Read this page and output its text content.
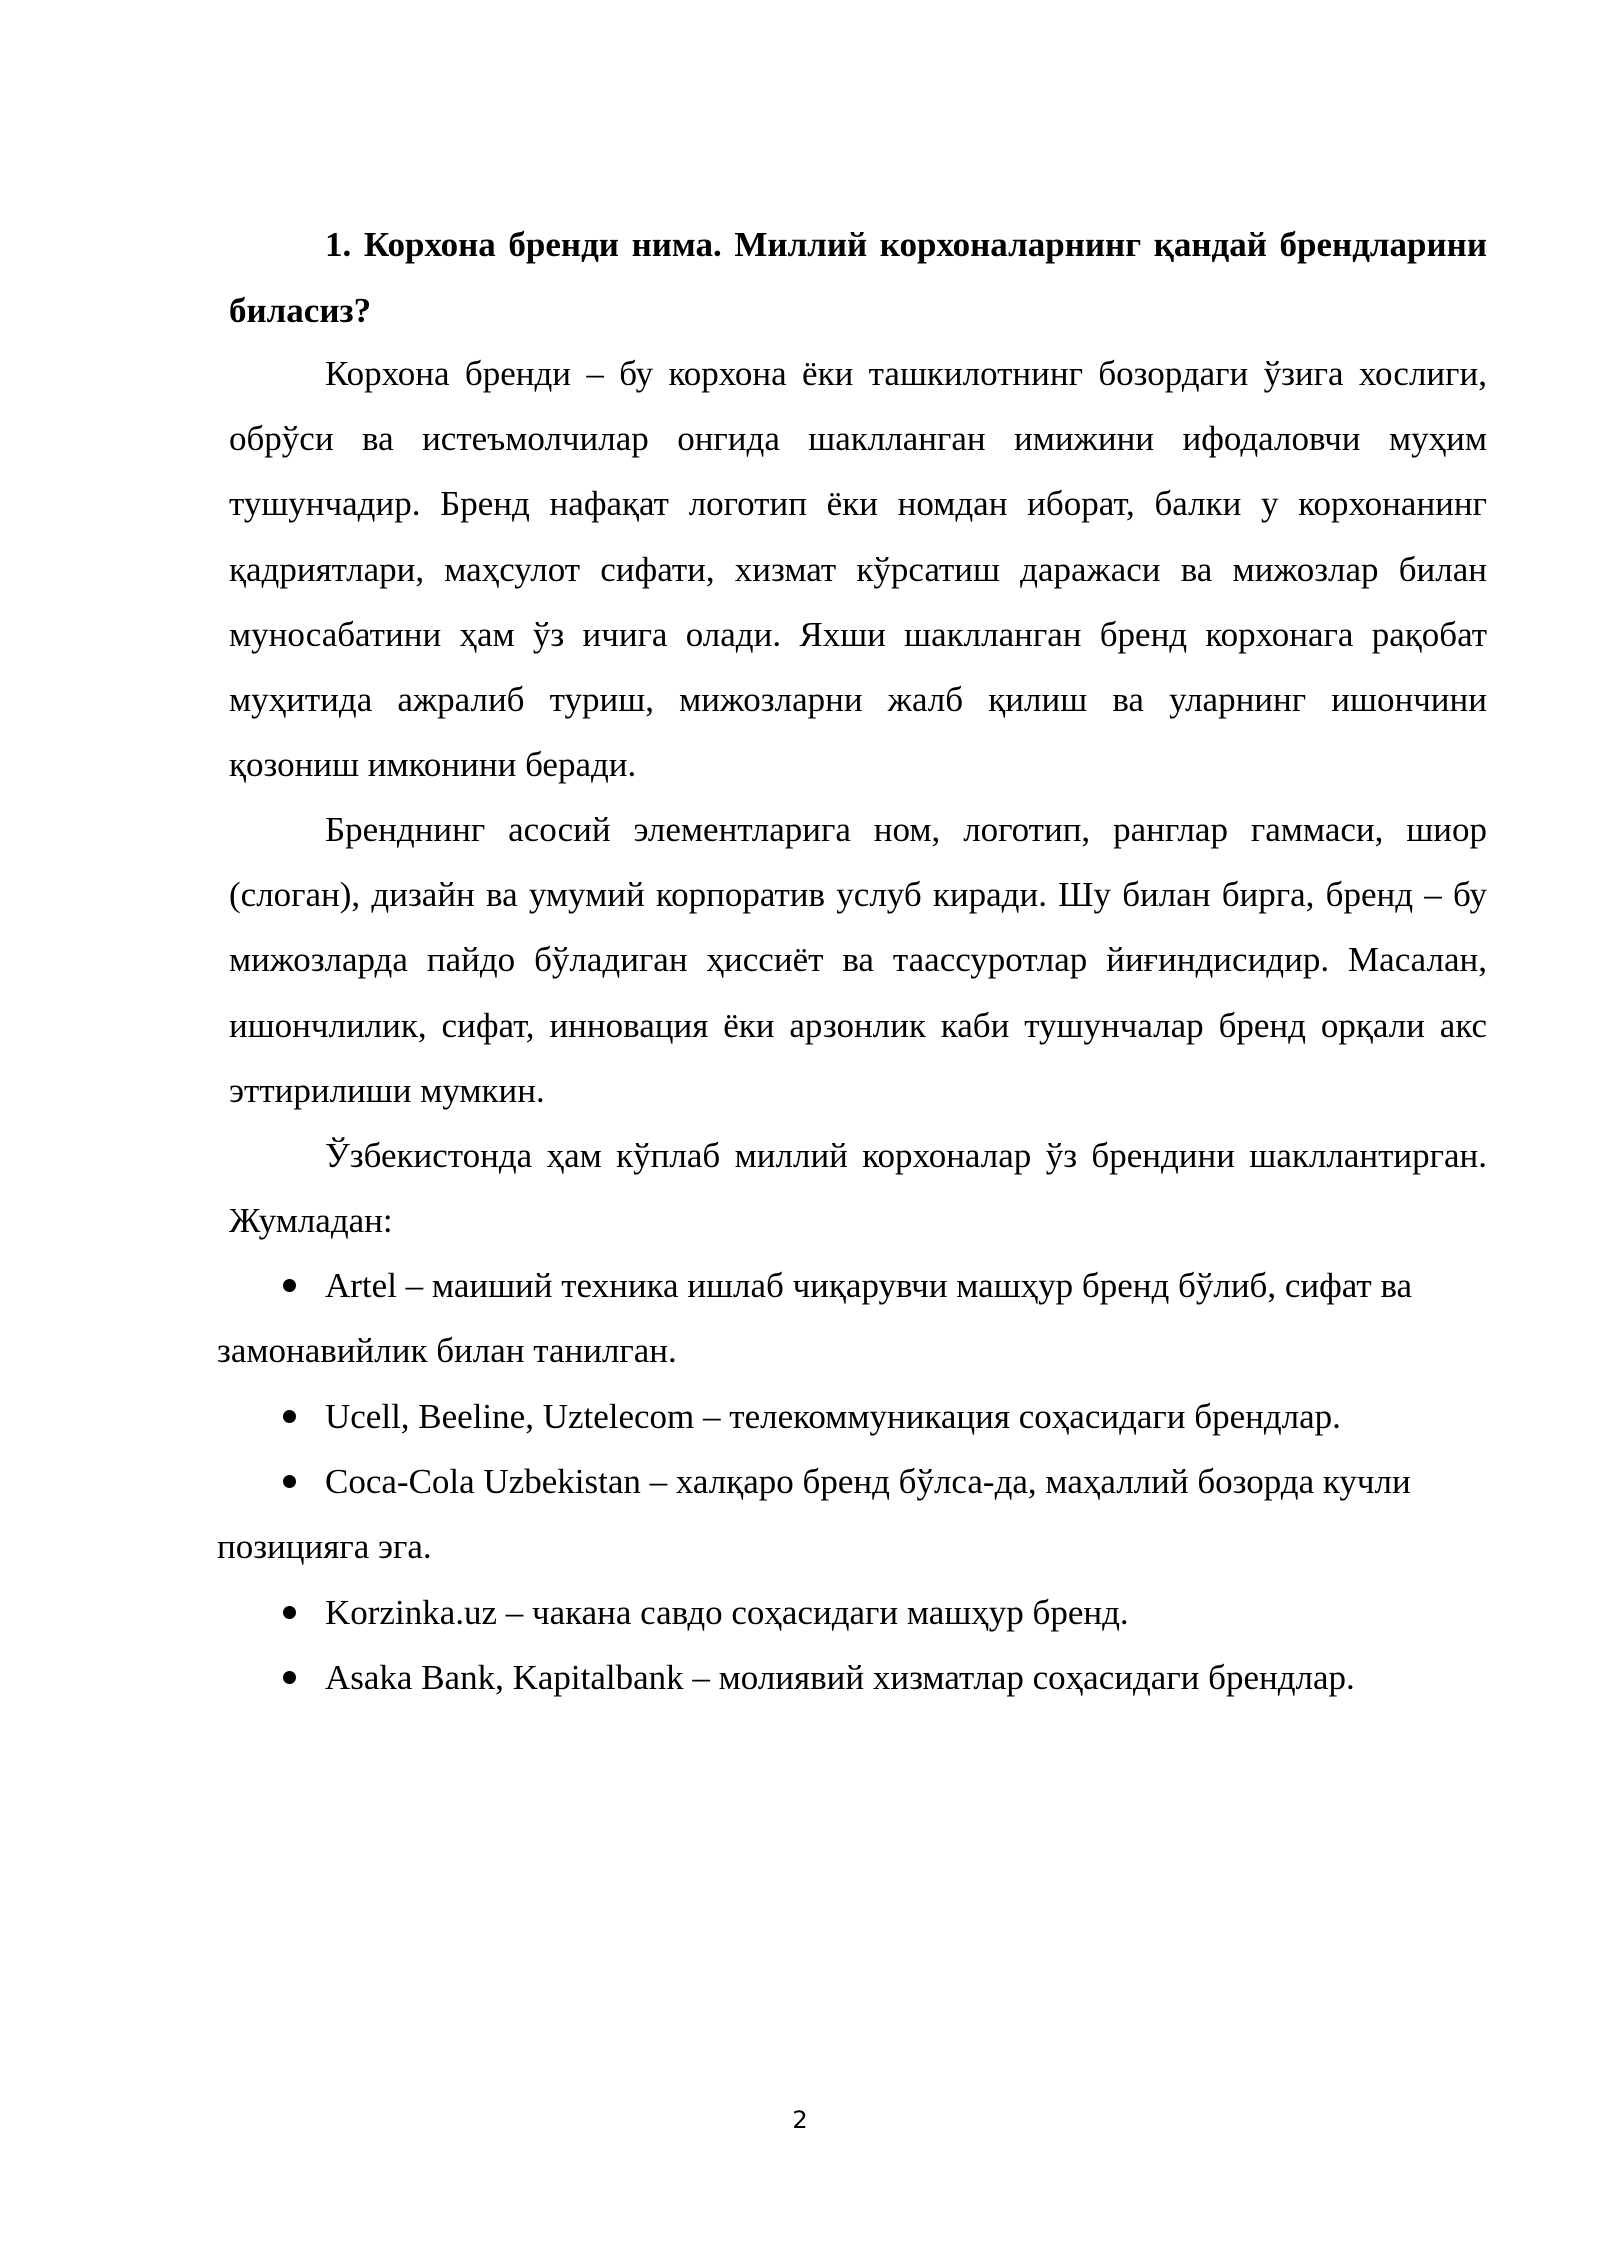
1. Корхона бренди нима. Миллий корхоналарнинг қандай брендларини биласиз?

Корхона бренди – бу корхона ёки ташкилотнинг бозордаги ўзига хослиги, обрўси ва истеъмолчилар онгида шаклланган имижини ифодаловчи муҳим тушунчадир. Бренд нафақат логотип ёки номдан иборат, балки у корхонанинг қадриятлари, маҳсулот сифати, хизмат кўрсатиш даражаси ва мижозлар билан муносабатини ҳам ўз ичига олади. Яхши шаклланган бренд корхонага рақобат муҳитида ажралиб туриш, мижозларни жалб қилиш ва уларнинг ишончини қозониш имконини беради.

Бренднинг асосий элементларига ном, логотип, ранглар гаммаси, шиор (слоган), дизайн ва умумий корпоратив услуб киради. Шу билан бирга, бренд – бу мижозларда пайдо бўладиган ҳиссиёт ва таассуротлар йиғиндисидир. Масалан, ишончлилик, сифат, инновация ёки арзонлик каби тушунчалар бренд орқали акс эттирилиши мумкин.

Ўзбекистонда ҳам кўплаб миллий корхоналар ўз брендини шакллантирган. Жумладан:

Artel – маиший техника ишлаб чиқарувчи машҳур бренд бўлиб, сифат ва замонавийлик билан танилган.
Ucell, Beeline, Uztelecom – телекоммуникация соҳасидаги брендлар.
Coca-Cola Uzbekistan – халқаро бренд бўлса-да, маҳаллий бозорда кучли позицияга эга.
Korzinka.uz – чакана савдо соҳасидаги машҳур бренд.
Asaka Bank, Kapitalbank – молиявий хизматлар соҳасидаги брендлар.
2
